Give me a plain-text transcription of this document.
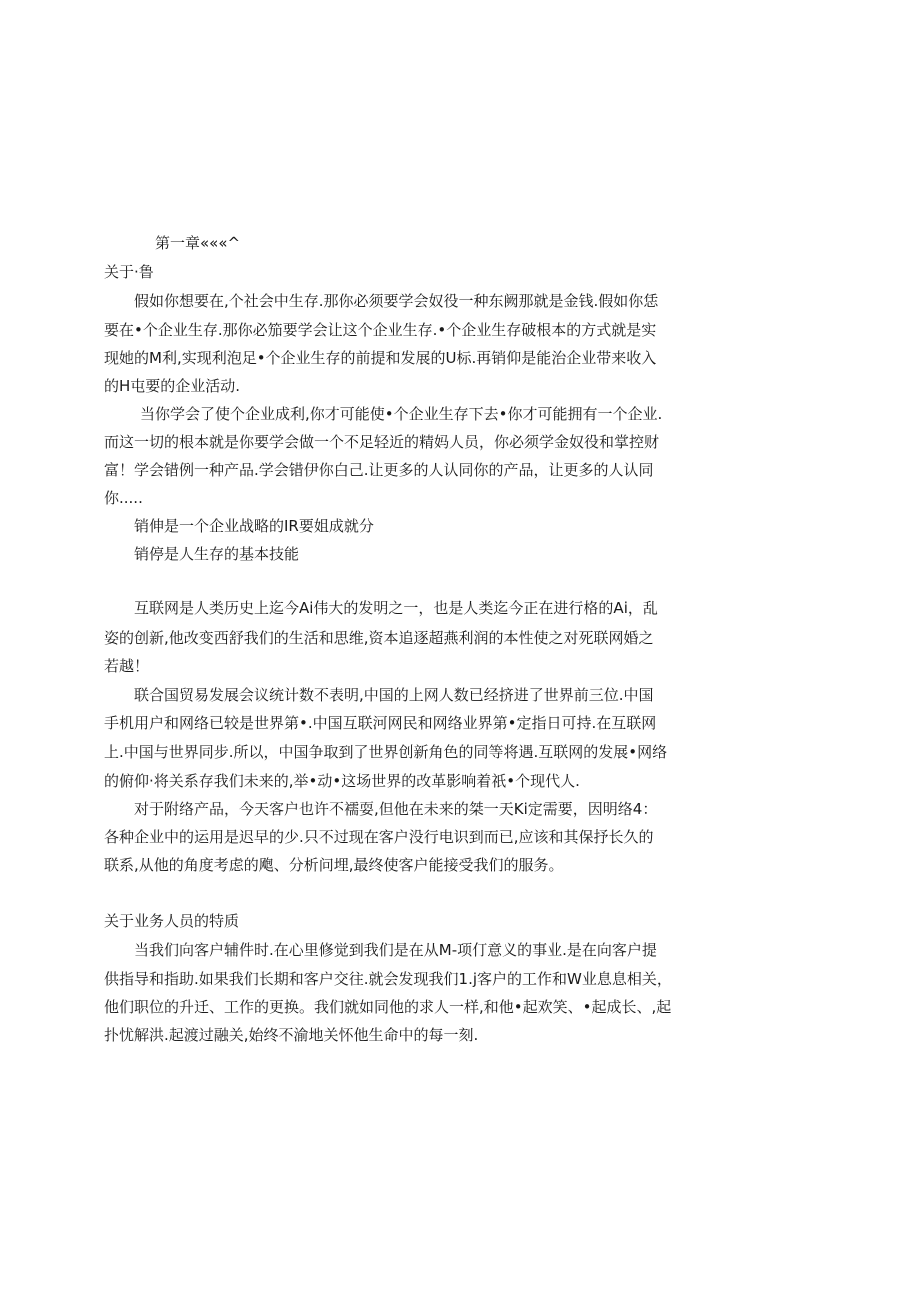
第一章«««^
关于·鲁
假如你想要在,个社会中生存.那你必须要学会奴役一种东阙那就是金钱.假如你恁
要在•个企业生存.那你必笳要学会让这个企业生存.•个企业生存破根本的方式就是实
现她的M利,实现利泡足•个企业生存的前提和发展的U标.再销仰是能治企业带来收入
的H屯要的企业活动.
当你学会了使个企业成利,你才可能使•个企业生存下去•你才可能拥有一个企业.
而这一切的根本就是你要学会做一个不足轻近的精妈人员，你必须学金奴役和掌控财
富！学会错例一种产品.学会错伊你白己.让更多的人认同你的产品，让更多的人认同
你.....
销伸是一个企业战略的IR要姐成就分
销停是人生存的基本技能
互联网是人类历史上迄今Ai伟大的发明之一，也是人类迄今正在进行格的Ai，乱
姿的创新,他改变西舒我们的生活和思维,资本追逐超燕利润的本性使之对死联网婚之
若越！
联合国贸易发展会议统计数不表明,中国的上网人数已经挤进了世界前三位.中国
手机用户和网络已较是世界第•.中国互联河网民和网络业界第•定指日可持.在互联网
上.中国与世界同步.所以，中国争取到了世界创新角色的同等将遇.互联网的发展•网络
的俯仰·将关系存我们未来的,举•动•这场世界的改革影响着祇•个现代人.
对于附络产品，今天客户也许不襦耍,但他在未来的桀一天Ki定需要，因明络4：
各种企业中的运用是迟早的少.只不过现在客户没行电识到而已,应该和其保抒长久的
联系,从他的角度考虑的飑、分析问埋,最终使客户能接受我们的服务。
关于业务人员的特质
当我们向客户辅件时.在心里修觉到我们是在从M-项仃意义的事业.是在向客户提
供指导和指助.如果我们长期和客户交往.就会发现我们1.j客户的工作和W业息息相关，
他们职位的升迁、工作的更换。我们就如同他的求人一样,和他•起欢笑、•起成长、,起
扑忧解洪.起渡过融关,始终不渝地关怀他生命中的每一刻.
